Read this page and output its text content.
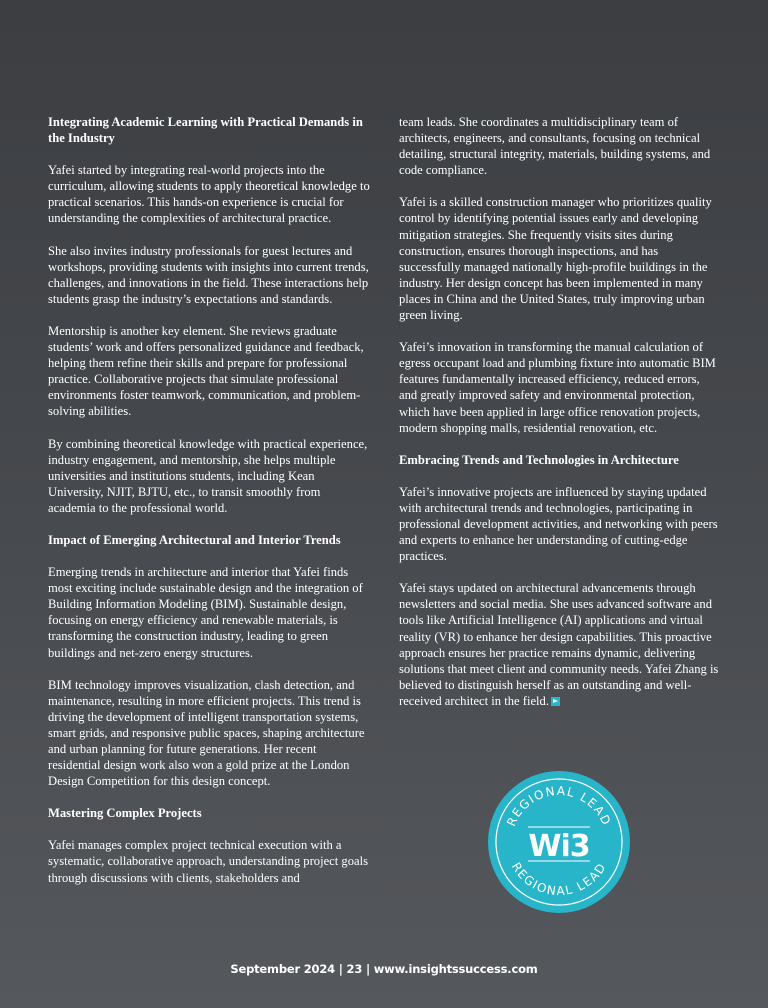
Integrating Academic Learning with Practical Demands in the Industry

Yafei started by integrating real-world projects into the curriculum, allowing students to apply theoretical knowledge to practical scenarios. This hands-on experience is crucial for understanding the complexities of architectural practice.

She also invites industry professionals for guest lectures and workshops, providing students with insights into current trends, challenges, and innovations in the field. These interactions help students grasp the industry’s expectations and standards.

Mentorship is another key element. She reviews graduate students’ work and offers personalized guidance and feedback, helping them refine their skills and prepare for professional practice. Collaborative projects that simulate professional environments foster teamwork, communication, and problem-solving abilities.

By combining theoretical knowledge with practical experience, industry engagement, and mentorship, she helps multiple universities and institutions students, including Kean University, NJIT, BJTU, etc., to transit smoothly from academia to the professional world.

Impact of Emerging Architectural and Interior Trends

Emerging trends in architecture and interior that Yafei finds most exciting include sustainable design and the integration of Building Information Modeling (BIM). Sustainable design, focusing on energy efficiency and renewable materials, is transforming the construction industry, leading to green buildings and net-zero energy structures.

BIM technology improves visualization, clash detection, and maintenance, resulting in more efficient projects. This trend is driving the development of intelligent transportation systems, smart grids, and responsive public spaces, shaping architecture and urban planning for future generations. Her recent residential design work also won a gold prize at the London Design Competition for this design concept.

Mastering Complex Projects

Yafei manages complex project technical execution with a systematic, collaborative approach, understanding project goals through discussions with clients, stakeholders and

team leads. She coordinates a multidisciplinary team of architects, engineers, and consultants, focusing on technical detailing, structural integrity, materials, building systems, and code compliance.

Yafei is a skilled construction manager who prioritizes quality control by identifying potential issues early and developing mitigation strategies. She frequently visits sites during construction, ensures thorough inspections, and has successfully managed nationally high-profile buildings in the industry. Her design concept has been implemented in many places in China and the United States, truly improving urban green living.

Yafei’s innovation in transforming the manual calculation of egress occupant load and plumbing fixture into automatic BIM features fundamentally increased efficiency, reduced errors, and greatly improved safety and environmental protection, which have been applied in large office renovation projects, modern shopping malls, residential renovation, etc.

Embracing Trends and Technologies in Architecture

Yafei’s innovative projects are influenced by staying updated with architectural trends and technologies, participating in professional development activities, and networking with peers and experts to enhance her understanding of cutting-edge practices.

Yafei stays updated on architectural advancements through newsletters and social media. She uses advanced software and tools like Artificial Intelligence (AI) applications and virtual reality (VR) to enhance her design capabilities. This proactive approach ensures her practice remains dynamic, delivering solutions that meet client and community needs. Yafei Zhang is believed to distinguish herself as an outstanding and well-received architect in the field.

REGIONAL LEAD
REGIONAL LEAD
Wi3
September 2024 | 23 | www.insightssuccess.com
